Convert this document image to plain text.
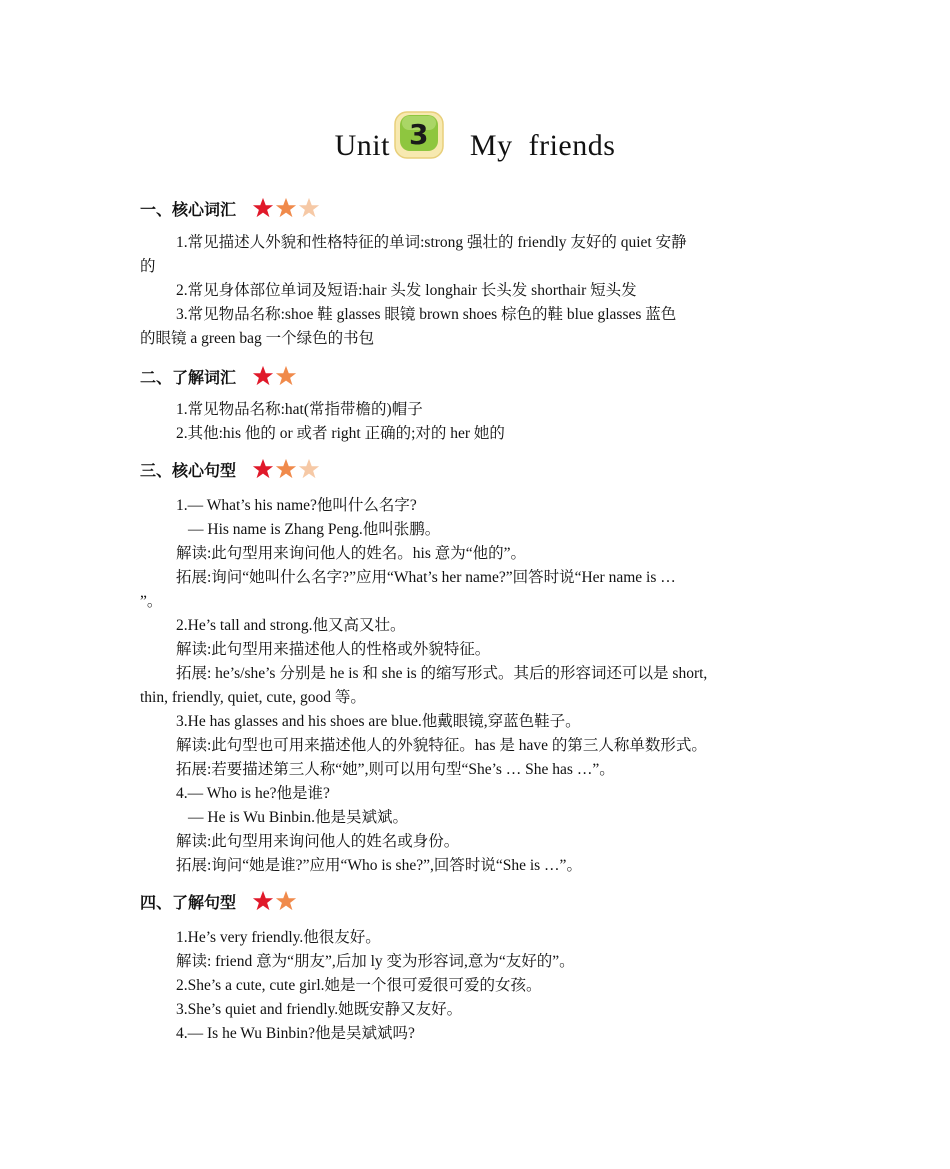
Unit 3 My  friends
一、核心词汇
1.常见描述人外貌和性格特征的单词:strong 强壮的 friendly 友好的 quiet 安静
的
2.常见身体部位单词及短语:hair 头发 longhair 长头发 shorthair 短头发
3.常见物品名称:shoe 鞋 glasses 眼镜 brown shoes 棕色的鞋 blue glasses 蓝色
的眼镜 a green bag 一个绿色的书包
二、了解词汇
1.常见物品名称:hat(常指带檐的)帽子
2.其他:his 他的 or 或者 right 正确的;对的 her 她的
三、核心句型
1.— What’s his name?他叫什么名字?
— His name is Zhang Peng.他叫张鹏。
解读:此句型用来询问他人的姓名。his 意为“他的”。
拓展:询问“她叫什么名字?”应用“What’s her name?”回答时说“Her name is …
”。
2.He’s tall and strong.他又高又壮。
解读:此句型用来描述他人的性格或外貌特征。
拓展: he’s/she’s 分别是 he is 和 she is 的缩写形式。其后的形容词还可以是 short,
thin, friendly, quiet, cute, good 等。
3.He has glasses and his shoes are blue.他戴眼镜,穿蓝色鞋子。
解读:此句型也可用来描述他人的外貌特征。has 是 have 的第三人称单数形式。
拓展:若要描述第三人称“她”,则可以用句型“She’s … She has …”。
4.— Who is he?他是谁?
— He is Wu Binbin.他是吴斌斌。
解读:此句型用来询问他人的姓名或身份。
拓展:询问“她是谁?”应用“Who is she?”,回答时说“She is …”。
四、了解句型
1.He’s very friendly.他很友好。
解读: friend 意为“朋友”,后加 ly 变为形容词,意为“友好的”。
2.She’s a cute, cute girl.她是一个很可爱很可爱的女孩。
3.She’s quiet and friendly.她既安静又友好。
4.— Is he Wu Binbin?他是吴斌斌吗?
